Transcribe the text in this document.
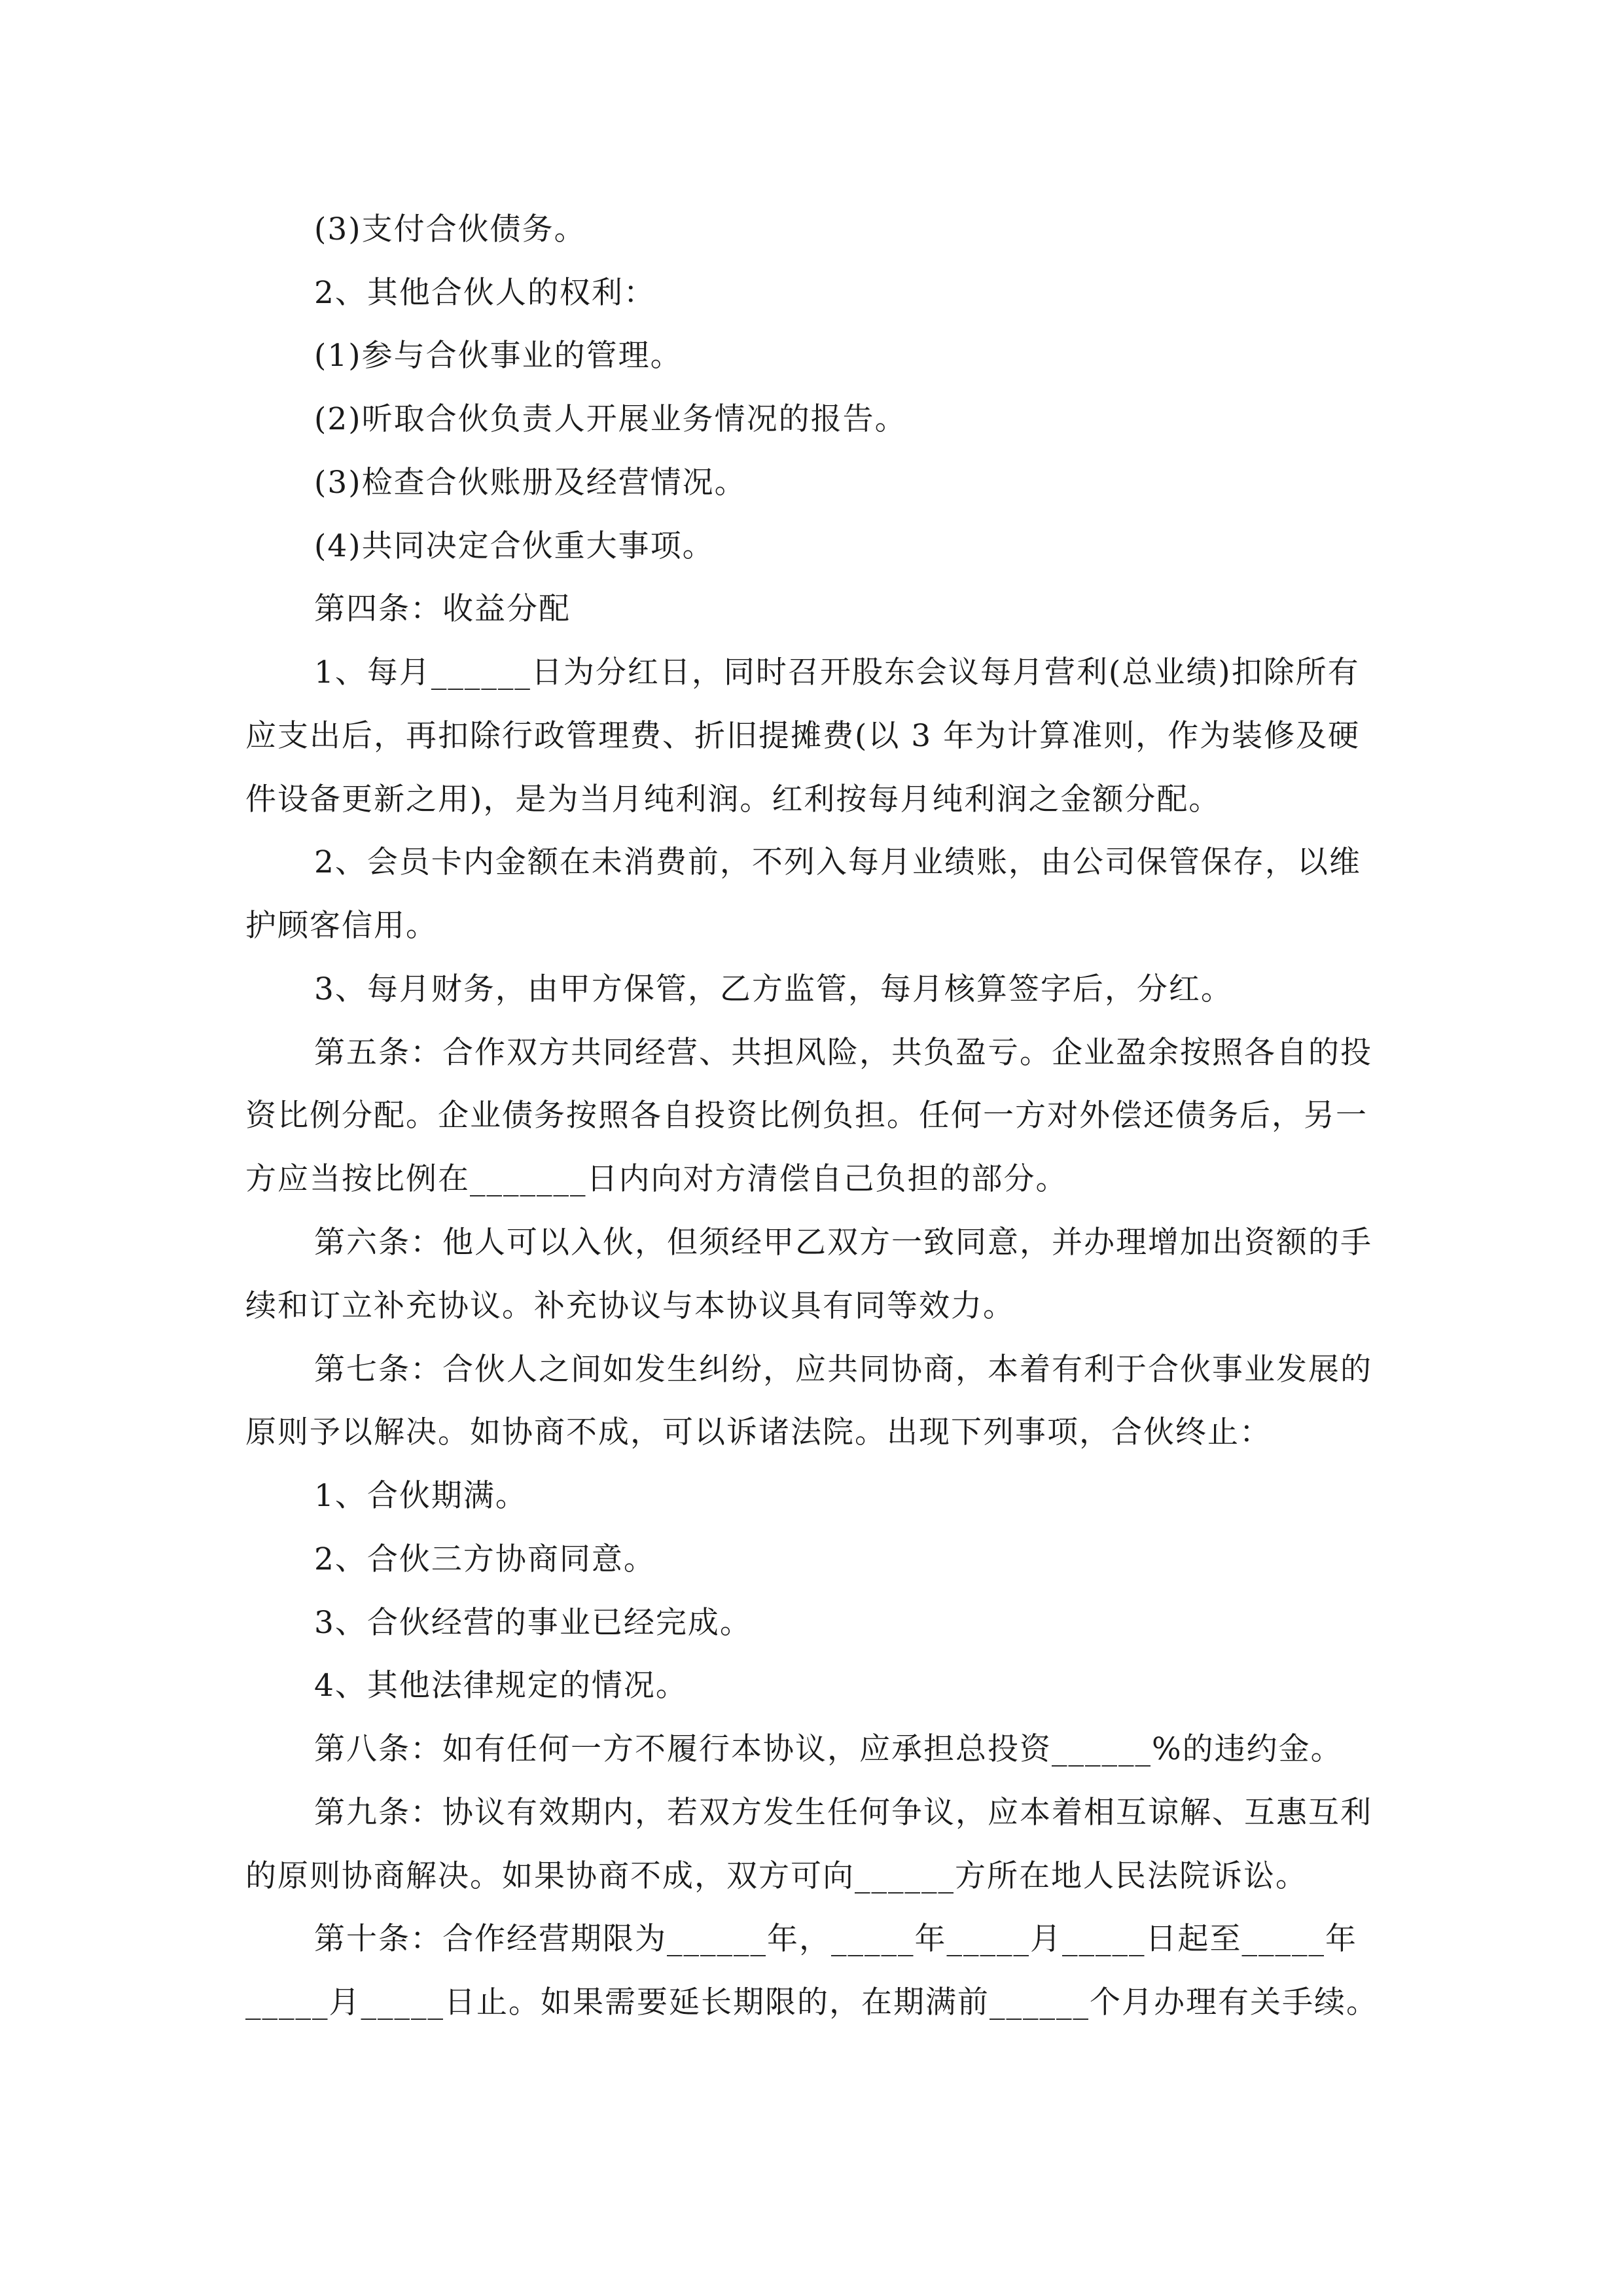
(3)支付合伙债务。
2、其他合伙人的权利：
(1)参与合伙事业的管理。
(2)听取合伙负责人开展业务情况的报告。
(3)检查合伙账册及经营情况。
(4)共同决定合伙重大事项。
第四条：收益分配
1、每月______日为分红日，同时召开股东会议每月营利(总业绩)扣除所有
应支出后，再扣除行政管理费、折旧提摊费(以 3 年为计算准则，作为装修及硬
件设备更新之用)，是为当月纯利润。红利按每月纯利润之金额分配。
2、会员卡内金额在未消费前，不列入每月业绩账，由公司保管保存，以维
护顾客信用。
3、每月财务，由甲方保管，乙方监管，每月核算签字后，分红。
第五条：合作双方共同经营、共担风险，共负盈亏。企业盈余按照各自的投
资比例分配。企业债务按照各自投资比例负担。任何一方对外偿还债务后，另一
方应当按比例在_______日内向对方清偿自己负担的部分。
第六条：他人可以入伙，但须经甲乙双方一致同意，并办理增加出资额的手
续和订立补充协议。补充协议与本协议具有同等效力。
第七条：合伙人之间如发生纠纷，应共同协商，本着有利于合伙事业发展的
原则予以解决。如协商不成，可以诉诸法院。出现下列事项，合伙终止：
1、合伙期满。
2、合伙三方协商同意。
3、合伙经营的事业已经完成。
4、其他法律规定的情况。
第八条：如有任何一方不履行本协议，应承担总投资______%的违约金。
第九条：协议有效期内，若双方发生任何争议，应本着相互谅解、互惠互利
的原则协商解决。如果协商不成，双方可向______方所在地人民法院诉讼。
第十条：合作经营期限为______年，_____年_____月_____日起至_____年
_____月_____日止。如果需要延长期限的，在期满前______个月办理有关手续。
